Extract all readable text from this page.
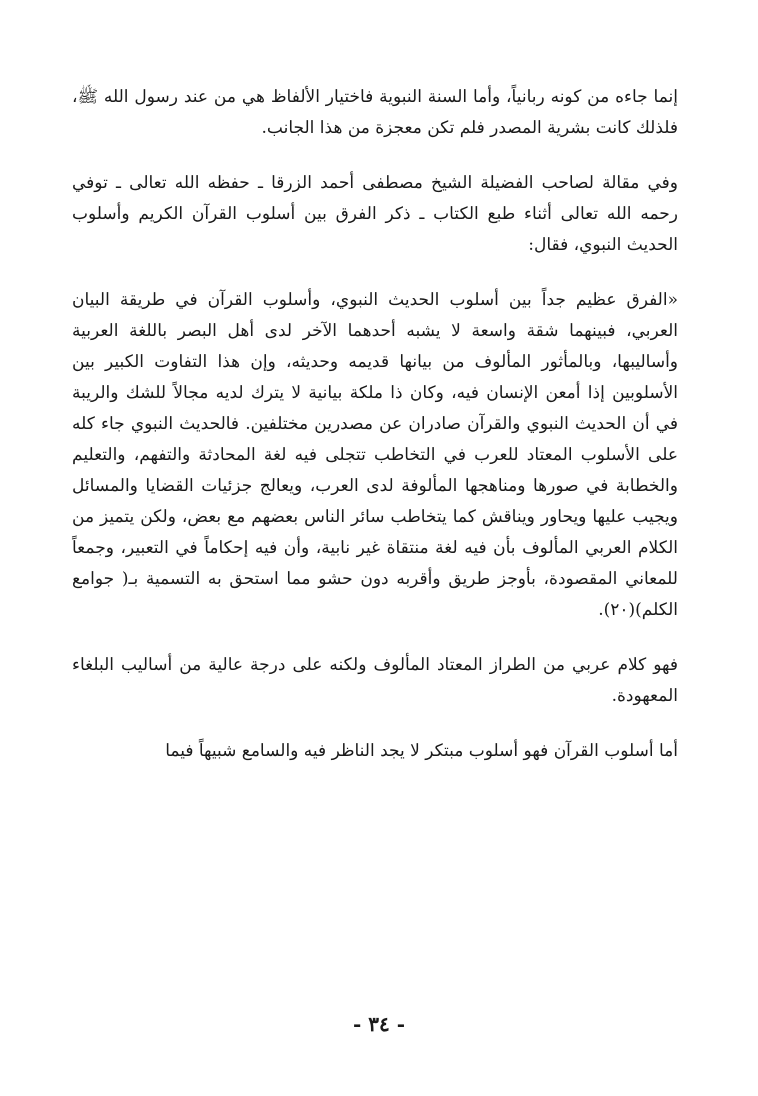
إنما جاءه من كونه ربانياً، وأما السنة النبوية فاختيار الألفاظ هي من عند رسول الله ﷺ، فلذلك كانت بشرية المصدر فلم تكن معجزة من هذا الجانب.

وفي مقالة لصاحب الفضيلة الشيخ مصطفى أحمد الزرقا ـ حفظه الله تعالى ـ توفي رحمه الله تعالى أثناء طبع الكتاب ـ ذكر الفرق بين أسلوب القرآن الكريم وأسلوب الحديث النبوي، فقال:

«الفرق عظيم جداً بين أسلوب الحديث النبوي، وأسلوب القرآن في طريقة البيان العربي، فبينهما شقة واسعة لا يشبه أحدهما الآخر لدى أهل البصر باللغة العربية وأساليبها، وبالمأثور المألوف من بيانها قديمه وحديثه، وإن هذا التفاوت الكبير بين الأسلوبين إذا أمعن الإنسان فيه، وكان ذا ملكة بيانية لا يترك لديه مجالاً للشك والريبة في أن الحديث النبوي والقرآن صادران عن مصدرين مختلفين. فالحديث النبوي جاء كله على الأسلوب المعتاد للعرب في التخاطب تتجلى فيه لغة المحادثة والتفهم، والتعليم والخطابة في صورها ومناهجها المألوفة لدى العرب، ويعالج جزئيات القضايا والمسائل ويجيب عليها ويحاور ويناقش كما يتخاطب سائر الناس بعضهم مع بعض، ولكن يتميز من الكلام العربي المألوف بأن فيه لغة منتقاة غير نابية، وأن فيه إحكاماً في التعبير، وجمعاً للمعاني المقصودة، بأوجز طريق وأقربه دون حشو مما استحق به التسمية بـ( جوامع الكلم)(٢٠).

فهو كلام عربي من الطراز المعتاد المألوف ولكنه على درجة عالية من أساليب البلغاء المعهودة.

أما أسلوب القرآن فهو أسلوب مبتكر لا يجد الناظر فيه والسامع شبيهاً فيما

- ٣٤ -
